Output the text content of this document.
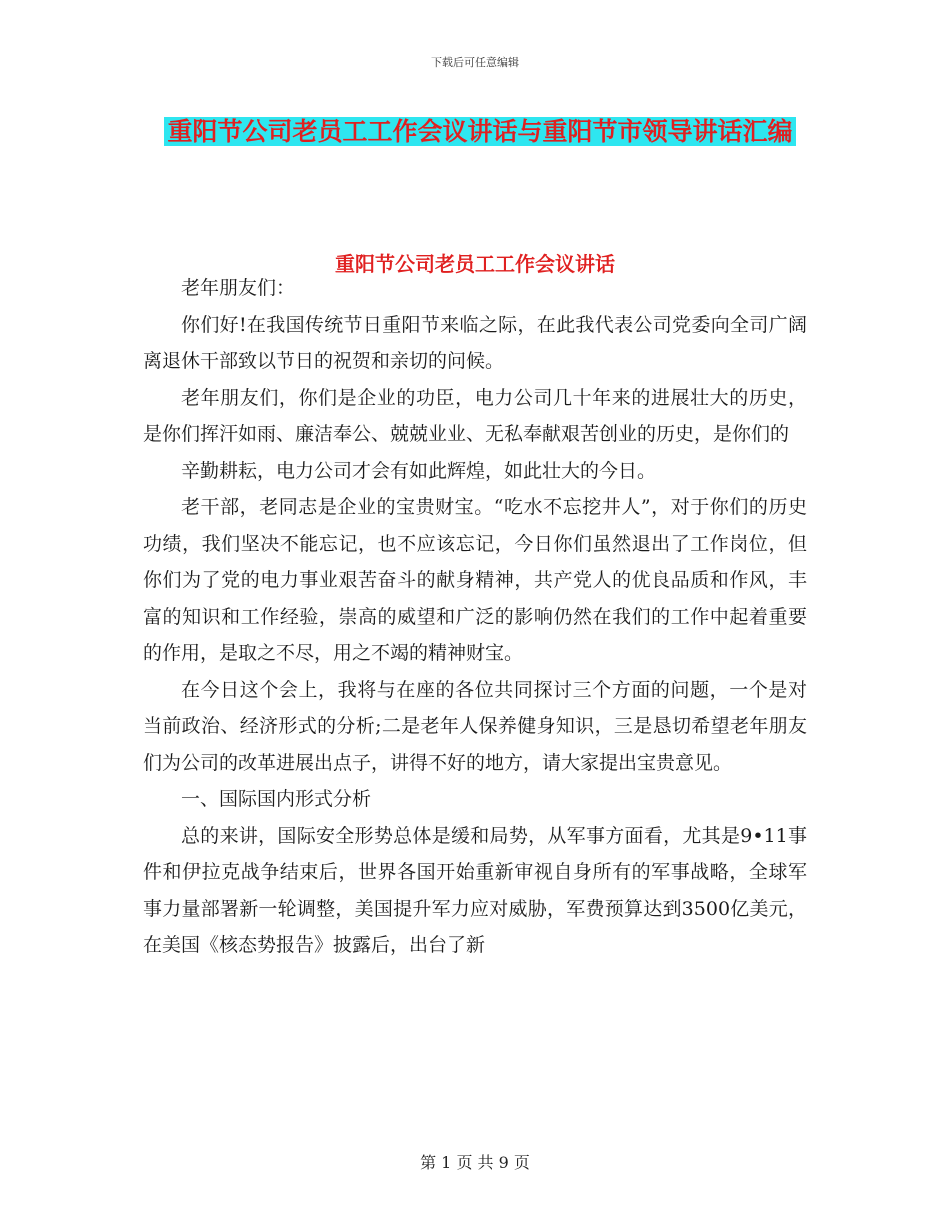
下载后可任意编辑
重阳节公司老员工工作会议讲话与重阳节市领导讲话汇编
重阳节公司老员工工作会议讲话

老年朋友们：

你们好!在我国传统节日重阳节来临之际，在此我代表公司党委向全司广阔离退休干部致以节日的祝贺和亲切的问候。

老年朋友们，你们是企业的功臣，电力公司几十年来的进展壮大的历史，是你们挥汗如雨、廉洁奉公、兢兢业业、无私奉献艰苦创业的历史，是你们的

辛勤耕耘，电力公司才会有如此辉煌，如此壮大的今日。

老干部，老同志是企业的宝贵财宝。“吃水不忘挖井人”，对于你们的历史功绩，我们坚决不能忘记，也不应该忘记，今日你们虽然退出了工作岗位，但你们为了党的电力事业艰苦奋斗的献身精神，共产党人的优良品质和作风，丰富的知识和工作经验，崇高的威望和广泛的影响仍然在我们的工作中起着重要的作用，是取之不尽，用之不竭的精神财宝。

在今日这个会上，我将与在座的各位共同探讨三个方面的问题，一个是对当前政治、经济形式的分析;二是老年人保养健身知识，三是恳切希望老年朋友们为公司的改革进展出点子，讲得不好的地方，请大家提出宝贵意见。

一、国际国内形式分析

总的来讲，国际安全形势总体是缓和局势，从军事方面看，尤其是9•11事件和伊拉克战争结束后，世界各国开始重新审视自身所有的军事战略，全球军事力量部署新一轮调整，美国提升军力应对威胁，军费预算达到3500亿美元，在美国《核态势报告》披露后，出台了新

第 1 页 共 9 页
